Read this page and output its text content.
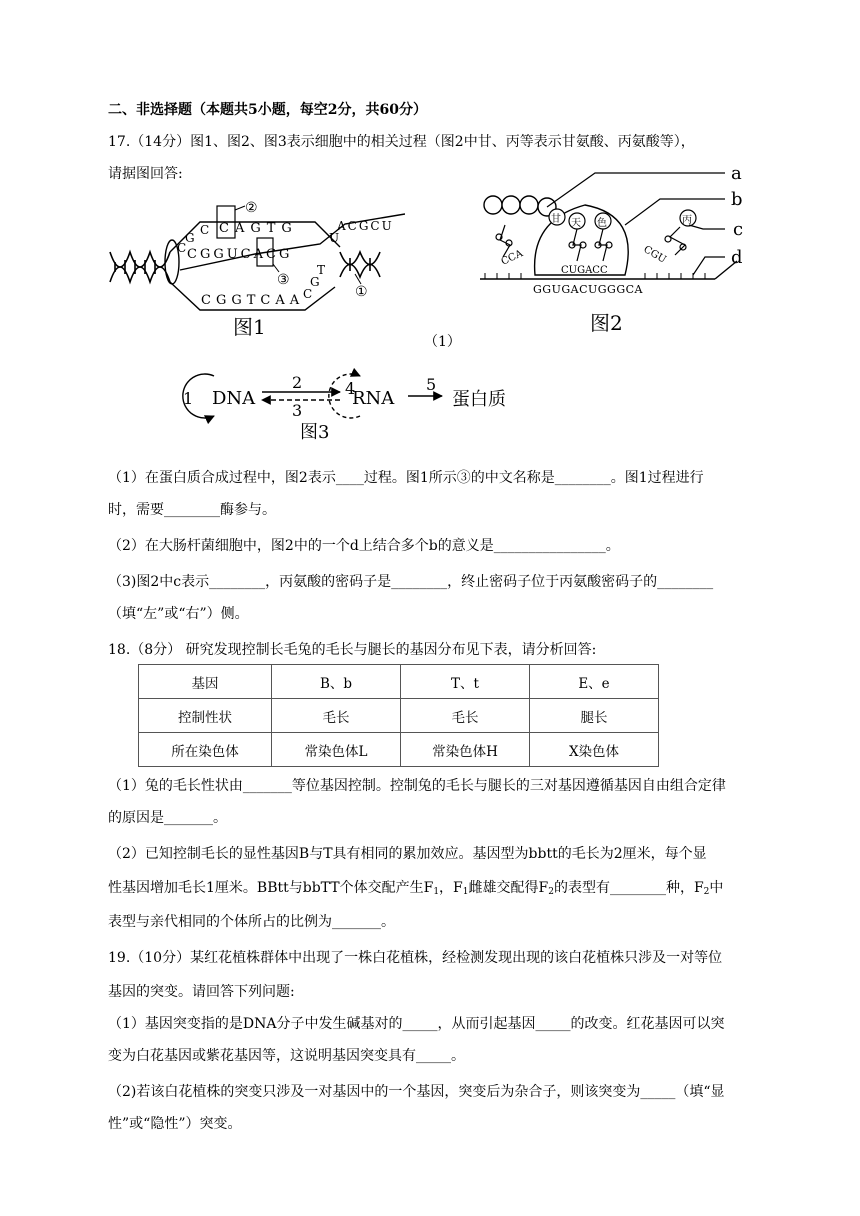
二、非选择题（本题共5小题，每空2分，共60分）
17.（14分）图1、图2、图3表示细胞中的相关过程（图2中甘、丙等表示甘氨酸、丙氨酸等），
请据图回答:
②
③
①
CAGTG
C
G
C
CGGUCACG
CGGTCAA
T
G
C
U
ACGCU
图1
甘 天 色	丙
GGUGACUGGGCA
CUGACC
CCA	CGU
a
b
c
d
图2
（1）
DNA	RNA	蛋白质
1
2
3
4	5
图3
（1）在蛋白质合成过程中，图2表示____过程。图1所示③的中文名称是________。图1过程进行
时，需要________酶参与。
（2）在大肠杆菌细胞中，图2中的一个d上结合多个b的意义是________________。
（3)图2中c表示________，丙氨酸的密码子是________，终止密码子位于丙氨酸密码子的________
（填“左”或“右”）侧。
18.（8分） 研究发现控制长毛兔的毛长与腿长的基因分布见下表，请分析回答:
基因	B、b	T、t	E、e
控制性状	毛长	毛长	腿长
所在染色体	常染色体L	常染色体H	X染色体
（1）兔的毛长性状由_______等位基因控制。控制兔的毛长与腿长的三对基因遵循基因自由组合定律
的原因是_______。
（2）已知控制毛长的显性基因B与T具有相同的累加效应。基因型为bbtt的毛长为2厘米，每个显
性基因增加毛长1厘米。BBtt与bbTT个体交配产生$F_1$，$F_1$雌雄交配得$F_2$的表型有________种，$F_2$中
表型与亲代相同的个体所占的比例为_______。
19.（10分）某红花植株群体中出现了一株白花植株，经检测发现出现的该白花植株只涉及一对等位
基因的突变。请回答下列问题:
（1）基因突变指的是DNA分子中发生碱基对的_____，从而引起基因_____的改变。红花基因可以突
变为白花基因或紫花基因等，这说明基因突变具有_____。
（2)若该白花植株的突变只涉及一对基因中的一个基因，突变后为杂合子，则该突变为_____（填“显
性”或“隐性”）突变。
